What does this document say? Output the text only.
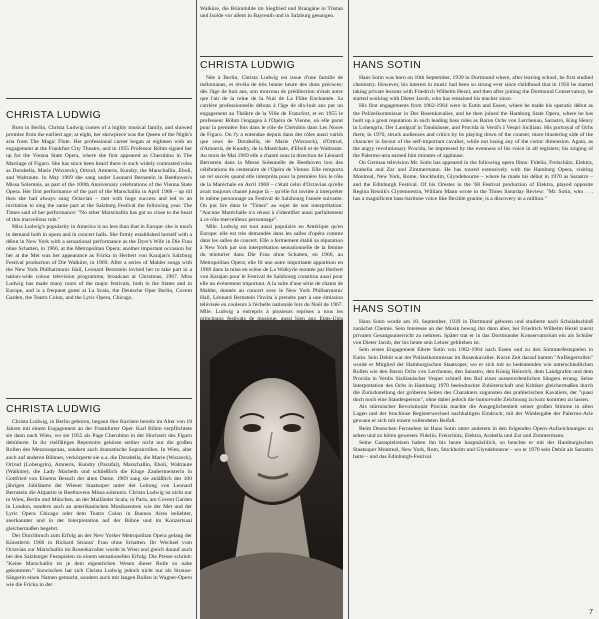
Walküre, die Brünnhilde im Siegfried und Brangäne in Tristan und Isolde vor allem in Bayreuth und in Salzburg gesungen.

CHRISTA LUDWIG

Born in Berlin, Christa Ludwig comes of a highly musical family, and showed promise from the earliest age; at eight, her showpiece was the Queen of the Night's aria from The Magic Flute. Her professional career began at eighteen with an engagement at the Frankfurt City Theatre, and in 1955 Professor Böhm signed her up for the Vienna State Opera, where she first appeared as Cherubino in The Marriage of Figaro. She has since been heard there in such widely contrasted roles as Dorabella, Marie (Wozzeck), Ortrud, Amneris, Kundry, the Marschallin, Eboli, and Waltraute. In May 1969 she sang under Leonard Bernstein in Beethoven's Missa Solemnis, as part of the 100th Anniversary celebrations of the Vienna State Opera. Her first performance of the part of the Marschallin in April 1968 – up till then she had always sung Octavian – met with huge success and led to an invitation to sing the same part at the Salzburg Festival the following year. The Times said of her performance: "No other Marschallin has got so close to the heart of this marvellous role."

Miss Ludwig's popularity in America is no less than that in Europe: she is much in demand both in opera and in concert halls. She firmly established herself with a début in New York with a sensational performance as the Dyer's Wife in Die Frau ohne Schatten, in 1966, at the Metropolitan Opera; another important occasion for her at the Met was her appearance as Fricka in Herbert von Karajan's Salzburg Festival production of Die Walküre, in 1969. After a series of Mahler songs with the New York Philharmonic Hall, Leonard Bernstein invited her to take part in a nation-wide colour television programme, broadcast at Christmas, 1967. Miss Ludwig has made many tours of the major festivals, both in the States and in Europe, and is a frequent guest at La Scala, the Deutsche Oper Berlin, Covent Garden, the Teatro Colon, and the Lyric Opera, Chicago.

CHRISTA LUDWIG

Christa Ludwig, in Berlin geboren, begann ihre Karriere bereits im Alter von 18 Jahren mit einem Engagement an der Frankfurter Oper. Karl Böhm verpflichtete sie dann nach Wien, wo sie 1955 als Page Cherubino in der Hochzeit des Figaro debütierte. In ihr vielfältiges Repertoire gehören seither nicht nur die großen Rollen des Mezzosoprans, sondern auch dramatische Sopranrollen. In Wien, aber auch auf anderen Bühnen, verkörperte sie u.a. die Dorabella, die Marie (Wozzeck), Ortrud (Lohengrin), Amneris, Kundry (Parsifal), Marschallin, Eboli, Waltraute (Walküre), die Lady Macbeth und schließlich die Kluge Zaubermeisterin in Gottfried von Einems Besuch der alten Dame. 1969 sang sie anläßlich des 100 jährigen Jubiläums der Wiener Staatsoper unter der Leitung von Leonard Bernstein die Altpartie in Beethovens Missa solemnis. Christa Ludwig ist nicht nur in Wien, Berlin und München, an der Mailänder Scala, in Paris, am Covent Garden in London, sondern auch an amerikanischen Musikzentren wie der Met und der Lyric Opera Chicago oder dem Teatro Colon in Buenos Aires beliebter, anerkannter und in der Interpretation auf der Bühne und im Konzertsaal gleichermaßen begehrt.

Der Durchbruch zum Erfolg an der New Yorker Metropolitan Opera gelang der Künstlerin 1966 in Richard Strauss' Frau ohne Schatten. Ihr Wechsel vom Octavian zur Marschallin im Rosenkavalier wurde in Wien und gleich darauf auch bei den Salzburger Festspielen zu einem sensationellen Erfolg. Die Presse schrieb: "Keine Marschallin ist je dem eigentlichen Wesen dieser Rolle so nahe gekommen." Inzwischen hat sich Christa Ludwig jedoch nicht nur als Strauss-Sängerin einen Namen gemacht, sondern auch mit langen Rollen in Wagner-Opern wie die Fricka in der

CHRISTA LUDWIG

Née à Berlin, Christa Ludwig est issue d'une famille de mélomanes, et révéla de très bonne heure des dons précoces: dès l'âge de huit ans, son morceau de prédilection n'était autre que l'air de la reine de la Nuit de La Flûte Enchantée. Sa carrière professionnelle débuta à l'âge de dix-huit ans par un engagement au Théâtre de la Ville de Francfort, et en 1955 le professeur Böhm l'engagea à l'Opéra de Vienne, où elle parut pour la première fois dans le rôle de Chérubin dans Les Noces de Figaro. On l'y a entendue depuis dans des rôles aussi variés que ceux de Dorabella, de Marie (Wozzeck), d'Ortrud, d'Amneris, de Kundry, de la Maréchale, d'Eboli et de Waltraute. Au mois de Mai 1969 elle a chanté sous la direction de Léonard Bernstein dans la Messe Solennelle de Beethoven lors des célébrations du centenaire de l'Opéra de Vienne. Elle remporta un tel succès quand elle interpréta pour la première fois le rôle de la Maréchale en Avril 1968 – c'était celui d'Octavian qu'elle avait toujours chanté jusque là – qu'elle fut invitée à interpréter le même personnage au Festival de Salzbourg l'année suivante. On put lire dans le "Times" au sujet de son interprétation: "Aucune Maréchalle n'a réussi à s'identifier aussi parfaitement à ce rôle merveilleux personnage".

Mlle. Ludwig est tout aussi populaire en Amérique qu'en Europe: elle est très demandée dans les salles d'opéra comme dans les salles de concert. Elle a fermement établi sa réputation à New York par son interprétation sensationnelle de la femme du teinturier dans Die Frau ohne Schatten, en 1966, au Metropolitan Opera; elle fit une autre importante apparition en 1969 dans la mise en scène de La Walkyrie montée par Herbert von Karajan pour le Festival de Salzbourg constitua aussi pour elle un événement important. A la suite d'une série de chants de Mahler, donnés au concert avec le New York Philharmonic Hall, Léonard Bernstein l'invita à prendre part à une émission télévisée en couleurs à l'échelle nationale lors du Noël de 1967. Mlle. Ludwig a entrepris à plusieurs reprises a tous les

HANS SOTIN

Hans Sotin was born on 10th September, 1939 in Dortmund where, after leaving school, he first studied chemistry. However, his interest in music had been so strong ever since childhood that in 1956 he started taking private lessons with Friedrich Wilhelm Hezel, and then after joining the Dortmund Conservatory, he started working with Dieter Jacob, who has remained his teacher since.

His first engagements from 1962-1964 were in Eutin and Essen, where he made his operatic début as the Polizeikommissar in Der Rosenkavalier, and he then joined the Hamburg State Opera, where he has built up a great reputation in such leading bass roles as Baron Ochs von Lerchenau, Sarastro, King Henry in Lohengrin, Der Landgraf in Tannhäuser, and Procida in Verdi's I Vespri Siciliani. His portrayal of Ochs there, in 1970, struck audiences and critics by its playing down of the coarser, more blustering side of the character in favour of the self-important cavalier, while not losing any of the comic dimension. Again, as the angry revolutionary Procida, he impressed by the evenness of his voice in all registers; his singing of the Palermo-aria earned him minutes of applause.

On German television Mr. Sotin has appeared in the following opera films: Fidelio, Freischütz, Elektra, Arabella and Zar und Zimmermann. He has toured extensively with the Hamburg Opera, visiting Montreal, New York, Rome, Stockholm, Glyndebourne – where he made his début in 1970 as Sarastro – and the Edinburgh Festival. Of his Orestes in the '68 Festival production of Elektra, played opposite Regina Resnik's Clytemnestra, William Mann wrote in the Times Saturday Review: "Mr. Sotin, who . . . has a magnificent bass-baritone voice like flexible granite, is a discovery in a million."

HANS SOTIN

Hans Sotin wurde am 10. September, 1939 in Dortmund geboren und studierte nach Schulabschluß zunächst Chemie. Sein Interesse an der Musik bewog ihn dann aber, bei Friedrich Wilhelm Hezel zuerst privaten Gesangsunterricht zu nehmen. Später trat er in das Dortmunder Konservatorium ein als Schüler von Dieter Jacob, der bis heute sein Lehrer geblieben ist.

Sein erstes Engagement führte Sotin von 1962-1964 nach Essen und zu den Sommerfestspielen in Eutin. Sein Debüt war der Polizeikommissar im Rosenkavalier. Kurze Zeit darauf kamen "Anfängerrollen" wurde er Mitglied der Hamburgischen Staatsoper, wo er sich mit so bedeutenden wie unterschiedlichen Rollen wie den Baron Ochs von Lerchenau, den Sarastro, den König Heinrich, dem Landgrafen und dem Procida in Verdis Sizilianischer Vesper schnell den Ruf eines ausserordentlichen Sängers errang. Seine Interpretation des Ochs in Hamburg 1970 beeindruckte Zuhörerschaft und Kritiker gleichermaßen durch die Zurückstellung der gröberen Seiten des Charakters zugunsten des prahlerischen Kavaliers, der "quasi doch noch eine Standesperson", ohne dabei jedoch die humorvolle Zeichnung zu kurz kommen zu lassen.

Als stürmischer Revolutionär Procida machte die Ausgeglichenheit seiner großen Stimme in allen Lagen und der bruchlose Registerwechsel nachhaltigen Eindruck; mit der Wiedergabe der Palermo-Arie gewann er sich mit einem vollendeten Beifall.

Beim Deutschen Fernsehen ist Hans Sotin unter anderem in den folgenden Opern-Aufzeichnungen zu sehen und zu hören gewesen: Fidelio, Freischütz, Elektra, Arabella und Zar und Zimmermann.

Seine Gastspielreisen haben ihn bis heute hauptsächlich, so beuchte er mit der Hamburgischen Staatsoper Montreal, New York, Rom, Stockholm und Glyndebourne – wo er 1970 sein Debüt als Sarastro hatte – und das Edinburgh-Festival.

7
